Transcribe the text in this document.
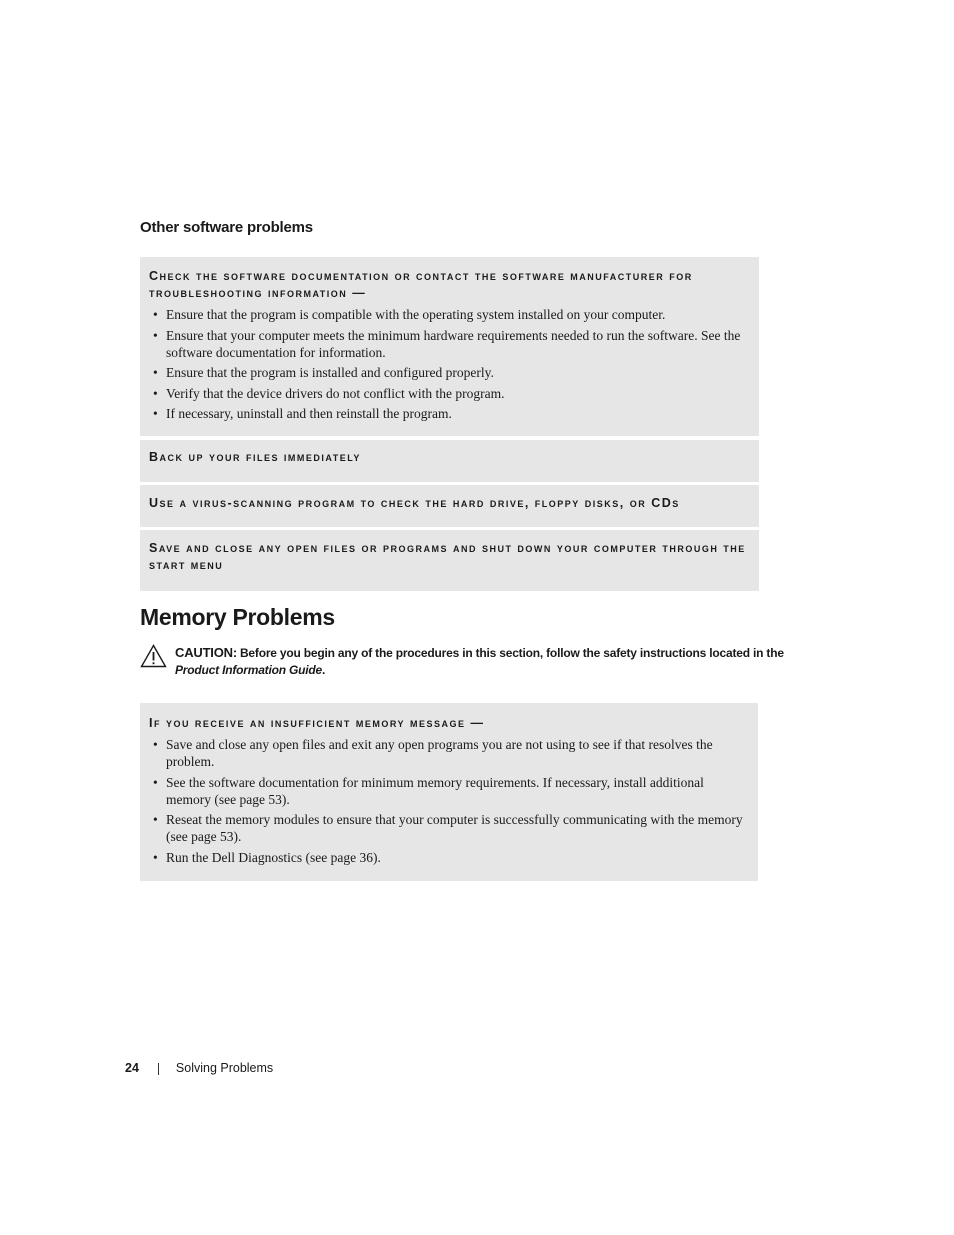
Other software problems

Check the software documentation or contact the software manufacturer for troubleshooting information —

• Ensure that the program is compatible with the operating system installed on your computer.
• Ensure that your computer meets the minimum hardware requirements needed to run the software. See the software documentation for information.
• Ensure that the program is installed and configured properly.
• Verify that the device drivers do not conflict with the program.
• If necessary, uninstall and then reinstall the program.

Back up your files immediately

Use a virus-scanning program to check the hard drive, floppy disks, or CDs

Save and close any open files or programs and shut down your computer through the start menu

Memory Problems
CAUTION: Before you begin any of the procedures in this section, follow the safety instructions located in the
Product Information Guide.

If you receive an insufficient memory message —

• Save and close any open files and exit any open programs you are not using to see if that resolves the problem.
• See the software documentation for minimum memory requirements. If necessary, install additional memory (see page 53).
• Reseat the memory modules to ensure that your computer is successfully communicating with the memory (see page 53).
• Run the Dell Diagnostics (see page 36).
24	Solving Problems
